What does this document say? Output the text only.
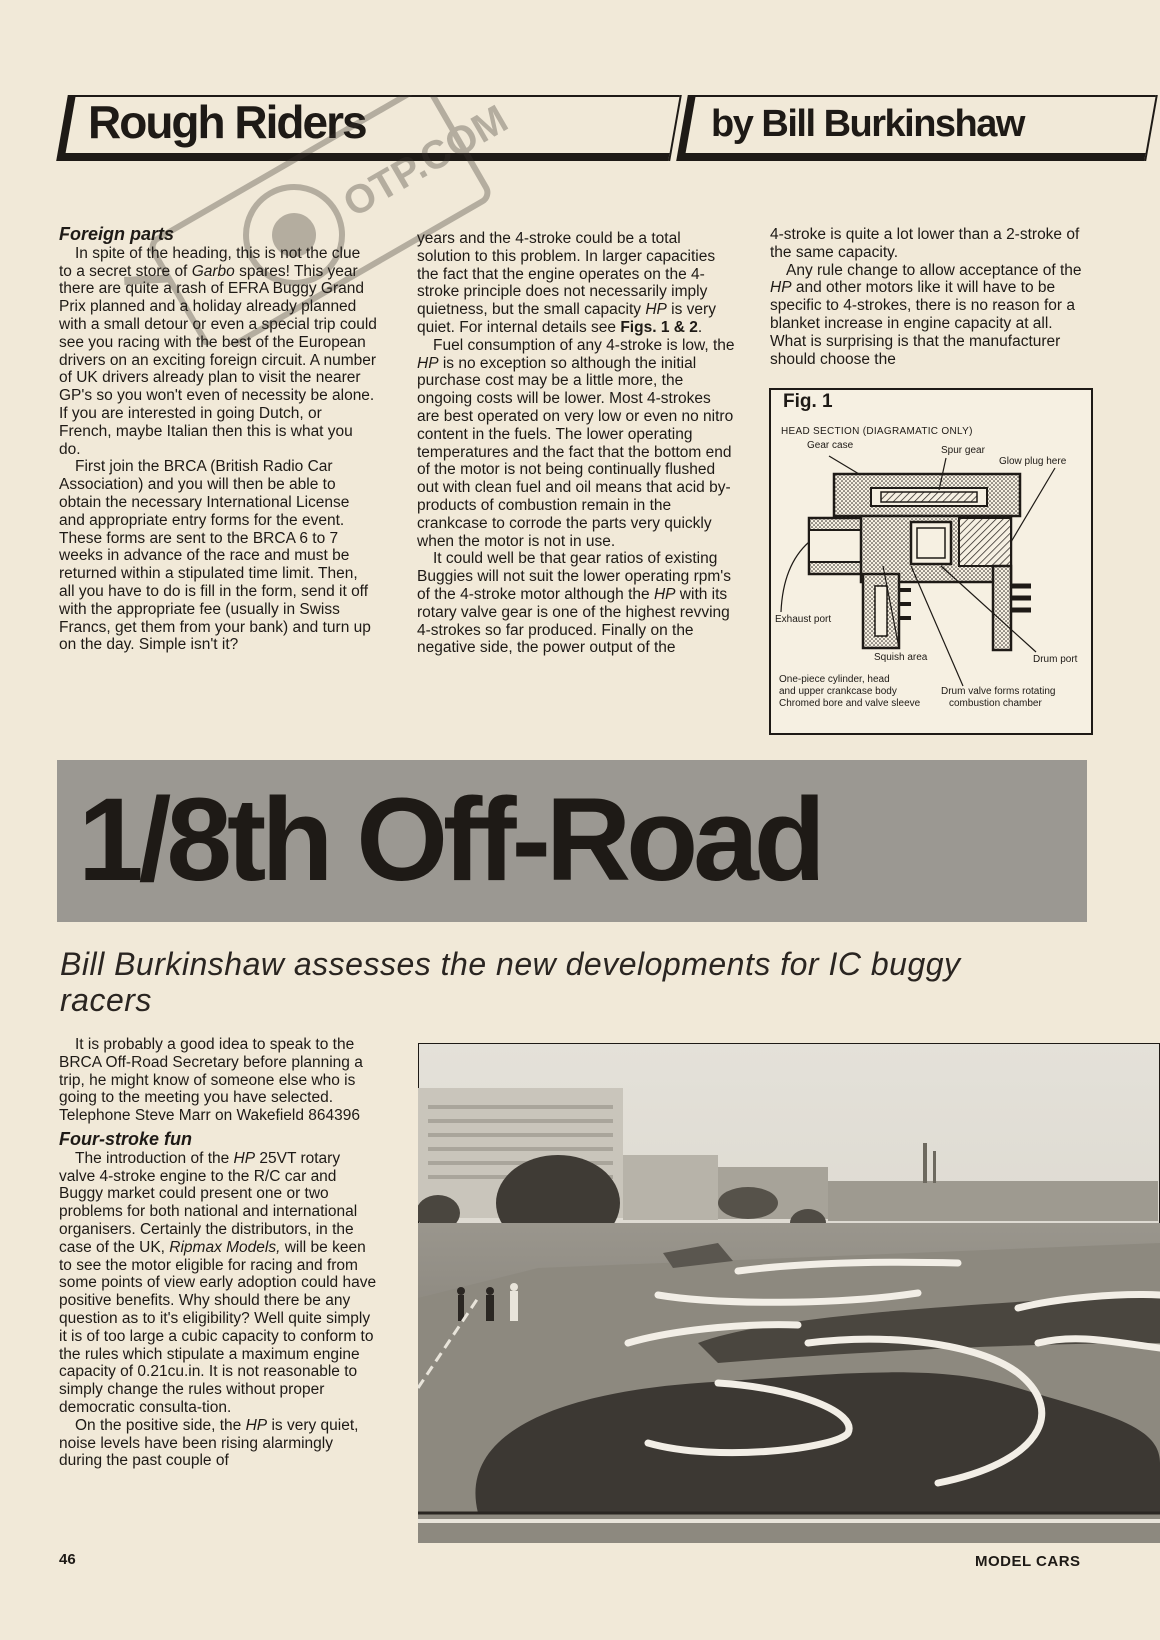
Rough Riders	by Bill Burkinshaw
OTP.COM
Foreign parts

In spite of the heading, this is not the clue to a secret store of Garbo spares! This year there are quite a rash of EFRA Buggy Grand Prix planned and a holiday already planned with a small detour or even a special trip could see you racing with the best of the European drivers on an exciting foreign circuit. A number of UK drivers already plan to visit the nearer GP's so you won't even of necessity be alone. If you are interested in going Dutch, or French, maybe Italian then this is what you do.

First join the BRCA (British Radio Car Association) and you will then be able to obtain the necessary International License and appropriate entry forms for the event. These forms are sent to the BRCA 6 to 7 weeks in advance of the race and must be returned within a stipulated time limit. Then, all you have to do is fill in the form, send it off with the appropriate fee (usually in Swiss Francs, get them from your bank) and turn up on the day. Simple isn't it?

years and the 4-stroke could be a total solution to this problem. In larger capacities the fact that the engine operates on the 4-stroke principle does not necessarily imply quietness, but the small capacity HP is very quiet. For internal details see Figs. 1 & 2.

Fuel consumption of any 4-stroke is low, the HP is no exception so although the initial purchase cost may be a little more, the ongoing costs will be lower. Most 4-strokes are best operated on very low or even no nitro content in the fuels. The lower operating temperatures and the fact that the bottom end of the motor is not being continually flushed out with clean fuel and oil means that acid by-products of combustion remain in the crankcase to corrode the parts very quickly when the motor is not in use.

It could well be that gear ratios of existing Buggies will not suit the lower operating rpm's of the 4-stroke motor although the HP with its rotary valve gear is one of the highest revving 4-strokes so far produced. Finally on the negative side, the power output of the

4-stroke is quite a lot lower than a 2-stroke of the same capacity.

Any rule change to allow acceptance of the HP and other motors like it will have to be specific to 4-strokes, there is no reason for a blanket increase in engine capacity at all. What is surprising is that the manufacturer should choose the

Fig. 1
HEAD SECTION (DIAGRAMATIC ONLY)
Gear case	Spur gear
Glow plug here
Exhaust port
Squish area	Drum port
One-piece cylinder, head
and upper crankcase body
Chromed bore and valve sleeve
Drum valve forms rotating
combustion chamber
1/8th Off-Road
Bill Burkinshaw assesses the new developments for IC buggy racers

It is probably a good idea to speak to the BRCA Off-Road Secretary before planning a trip, he might know of someone else who is going to the meeting you have selected. Telephone Steve Marr on Wakefield 864396

Four-stroke fun

The introduction of the HP 25VT rotary valve 4-stroke engine to the R/C car and Buggy market could present one or two problems for both national and international organisers. Certainly the distributors, in the case of the UK, Ripmax Models, will be keen to see the motor eligible for racing and from some points of view early adoption could have positive benefits. Why should there be any question as to it's eligibility? Well quite simply it is of too large a cubic capacity to conform to the rules which stipulate a maximum engine capacity of 0.21cu.in. It is not reasonable to simply change the rules without proper democratic consulta-tion.

On the positive side, the HP is very quiet, noise levels have been rising alarmingly during the past couple of

46	MODEL CARS
